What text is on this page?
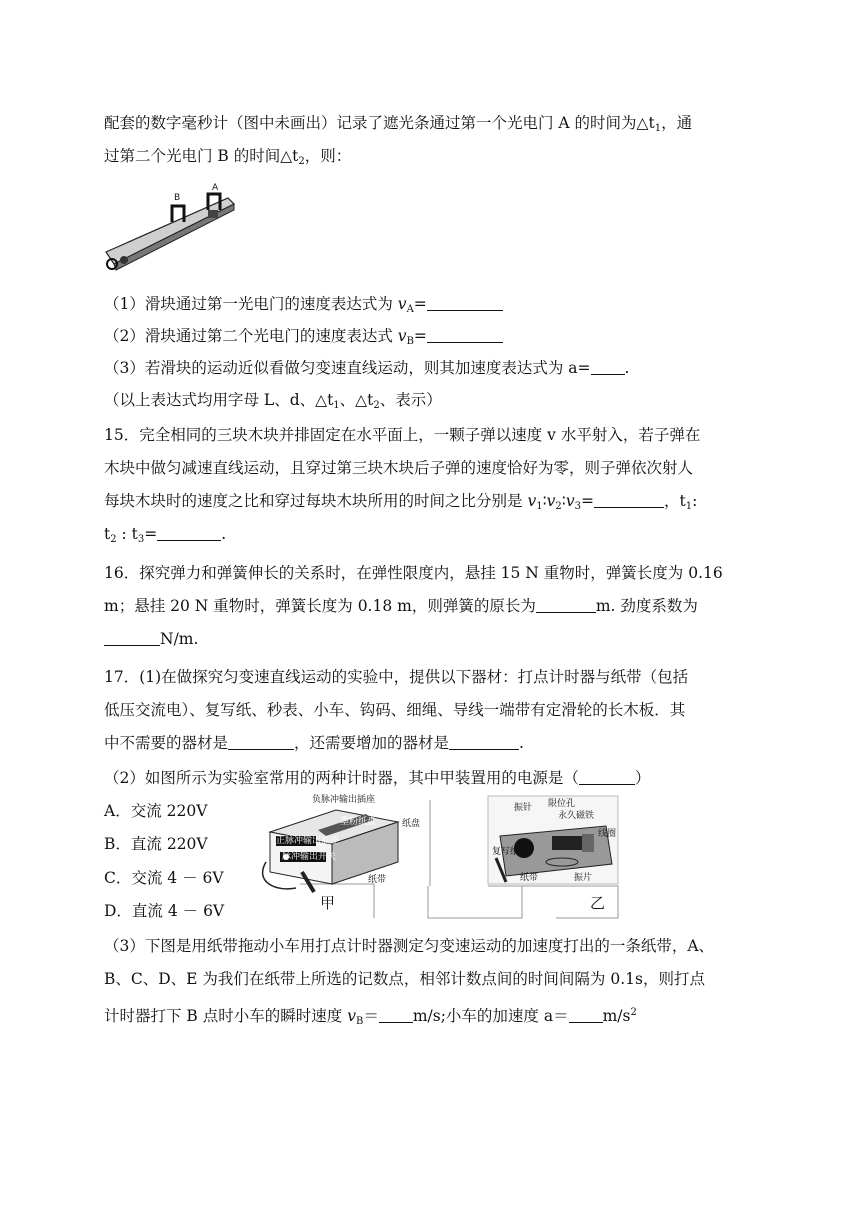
配套的数字毫秒计（图中未画出）记录了遮光条通过第一个光电门 A 的时间为$\triangle t_1$，通
过第二个光电门 B 的时间$\triangle t_2$，则：
B
A
（1）滑块通过第一光电门的速度表达式为 $v_A=$
（2）滑块通过第二个光电门的速度表达式 $v_B=$
（3）若滑块的运动近似看做匀变速直线运动，则其加速度表达式为 a= .
（以上表达式均用字母 L、d、$\triangle t_1$、$\triangle t_2$、表示）
15．完全相同的三块木块并排固定在水平面上，一颗子弹以速度 v 水平射入，若子弹在
木块中做匀减速直线运动，且穿过第三块木块后子弹的速度恰好为零，则子弹依次射人
每块木块时的速度之比和穿过每块木块所用的时间之比分别是 $v_1∶v_2∶v_3=$	，$t_1$:
$t_2$ : $t_3=$	.
16．探究弹力和弹簧伸长的关系时，在弹性限度内，悬挂 15 N 重物时，弹簧长度为 0.16
m；悬挂 20 N 重物时，弹簧长度为 0.18 m，则弹簧的原长为	m. 劲度系数为
N/m.
17．(1)在做探究匀变速直线运动的实验中，提供以下器材：打点计时器与纸带（包括
低压交流电）、复写纸、秒表、小车、钩码、细绳、导线一端带有定滑轮的长木板．其
中不需要的器材是	，还需要增加的器材是	.
（2）如图所示为实验室常用的两种计时器，其中甲装置用的电源是（	）
A．交流 220V
B．直流 220V
C．交流 4 － 6V
D．直流 4 － 6V
负脉冲输出插座
正脉冲输出插座
墨粉纸盘	纸盘
脉冲输出开关
纸带
甲
振针 限位孔
永久磁铁
线圈
复写纸
纸带	振片
乙
（3）下图是用纸带拖动小车用打点计时器测定匀变速运动的加速度打出的一条纸带，A、
B、C、D、E 为我们在纸带上所选的记数点，相邻计数点间的时间间隔为 0.1s，则打点
计时器打下 B 点时小车的瞬时速度 $v_B= m/s$;小车的加速度 $a= m/s^2$
